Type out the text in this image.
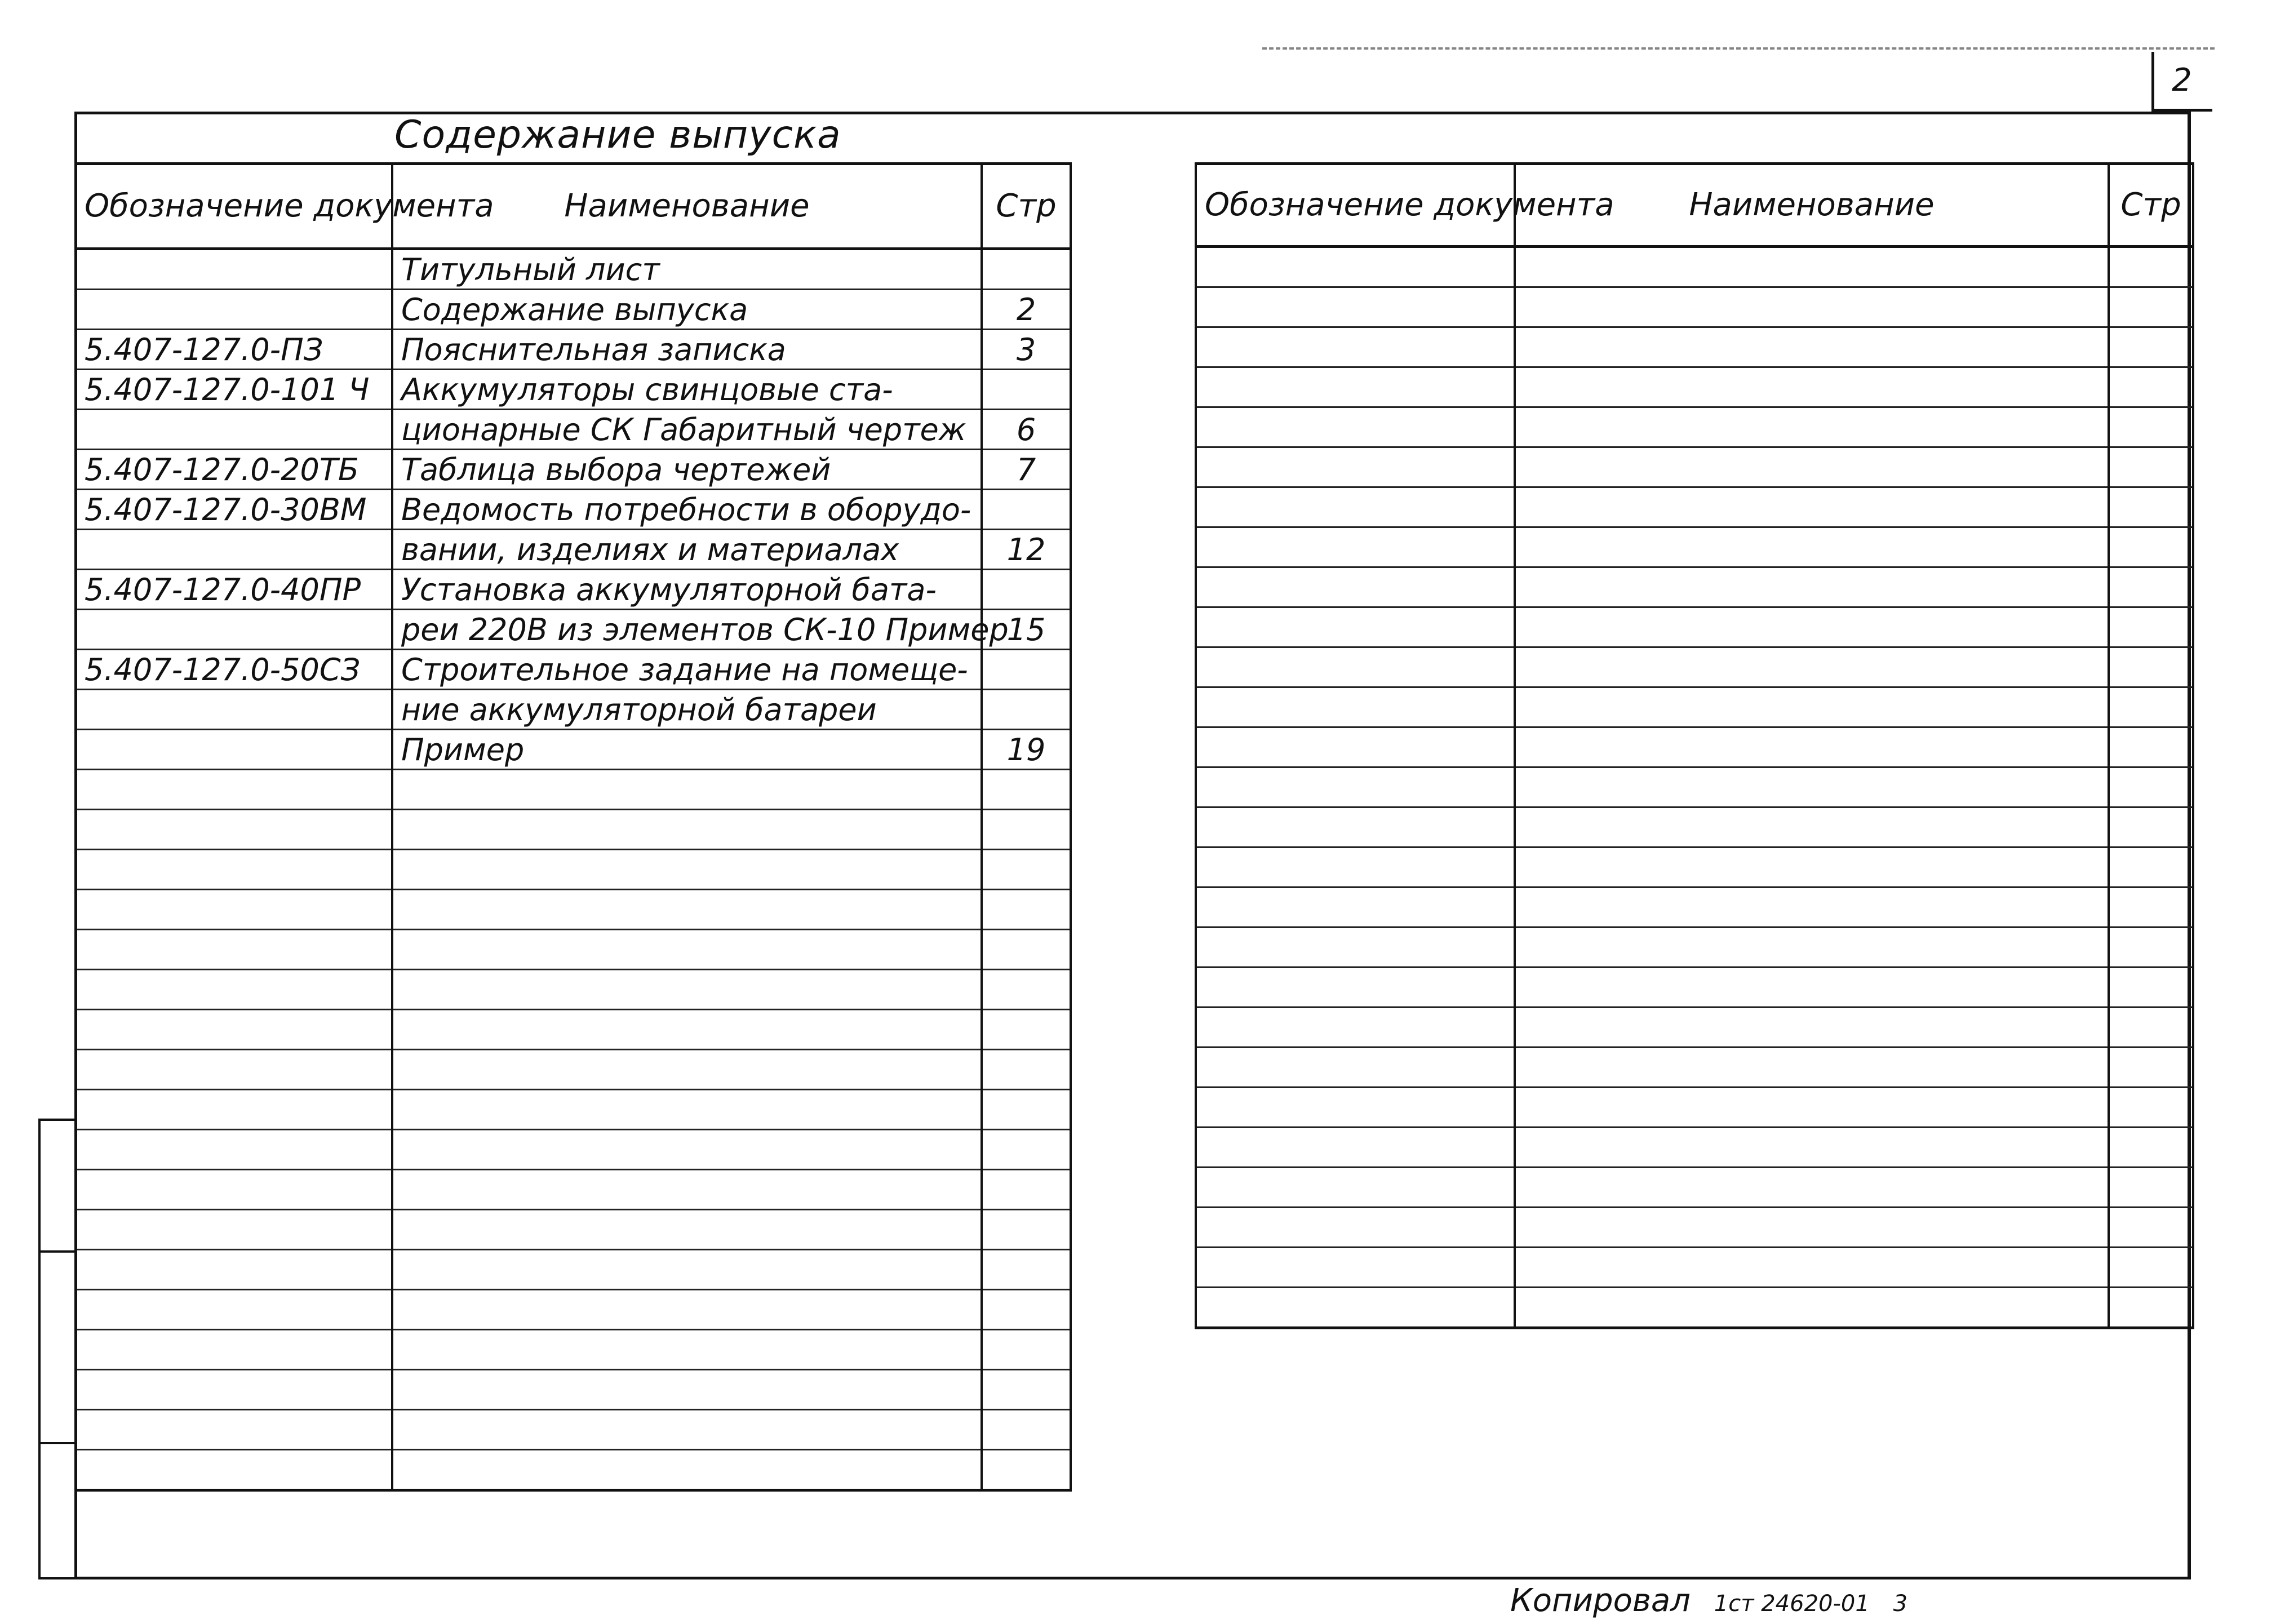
2
Содержание выпуска
Обозначение документа	Наименование	Стр
	Титульный лист	
	Содержание выпуска	2
5.407-127.0-ПЗ	Пояснительная записка	3
5.407-127.0-101 Ч	Аккумуляторы свинцовые ста-	
	ционарные СК Габаритный чертеж	6
5.407-127.0-20ТБ	Таблица выбора чертежей	7
5.407-127.0-30ВМ	Ведомость потребности в оборудо-	
	вании, изделиях и материалах	12
5.407-127.0-40ПР	Установка аккумуляторной бата-	
	реи 220В из элементов СК-10 Пример	15
5.407-127.0-50СЗ	Строительное задание на помеще-	
	ние аккумуляторной батареи	
	Пример	19

Обозначение документа	Наименование	Стр

Копировал 1ст 24620-01 3
